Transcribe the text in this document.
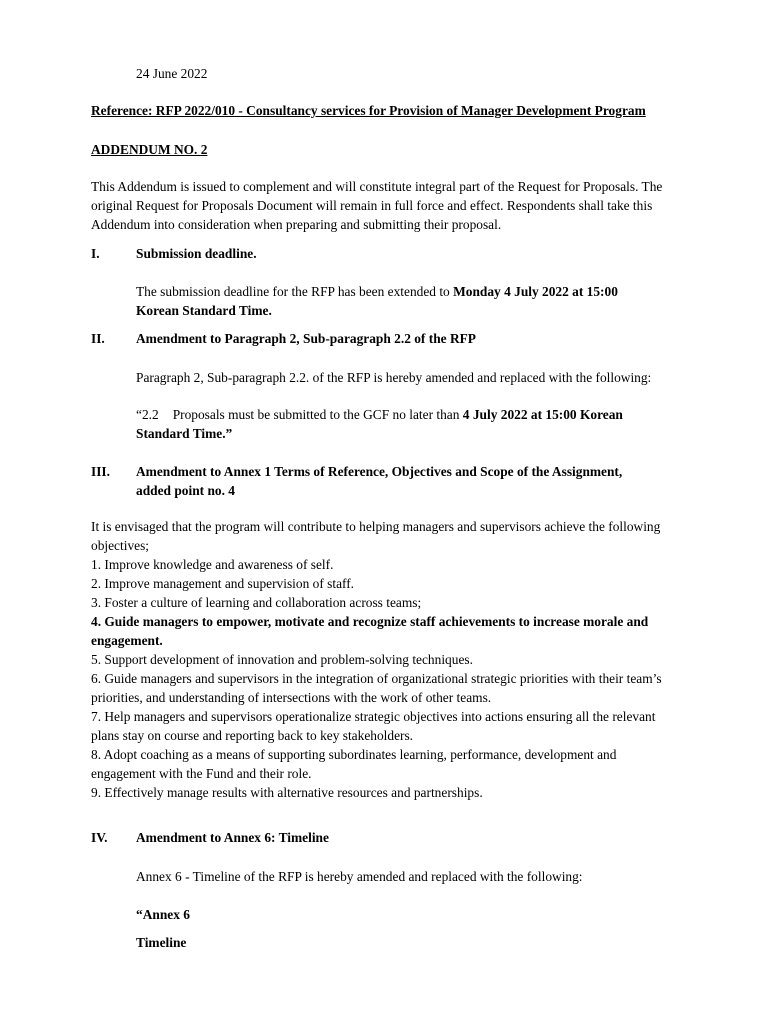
24 June 2022
Reference: RFP 2022/010 - Consultancy services for Provision of Manager Development Program
ADDENDUM NO. 2
This Addendum is issued to complement and will constitute integral part of the Request for Proposals. The original Request for Proposals Document will remain in full force and effect. Respondents shall take this Addendum into consideration when preparing and submitting their proposal.
I.	Submission deadline.
The submission deadline for the RFP has been extended to Monday 4 July 2022 at 15:00 Korean Standard Time.
II. Amendment to Paragraph 2, Sub-paragraph 2.2 of the RFP
Paragraph 2, Sub-paragraph 2.2. of the RFP is hereby amended and replaced with the following:
“2.2 Proposals must be submitted to the GCF no later than 4 July 2022 at 15:00 Korean Standard Time.”
III. Amendment to Annex 1 Terms of Reference, Objectives and Scope of the Assignment, added point no. 4
It is envisaged that the program will contribute to helping managers and supervisors achieve the following objectives;
1. Improve knowledge and awareness of self.
2. Improve management and supervision of staff.
3. Foster a culture of learning and collaboration across teams;
4. Guide managers to empower, motivate and recognize staff achievements to increase morale and engagement.
5. Support development of innovation and problem-solving techniques.
6. Guide managers and supervisors in the integration of organizational strategic priorities with their team’s priorities, and understanding of intersections with the work of other teams.
7. Help managers and supervisors operationalize strategic objectives into actions ensuring all the relevant plans stay on course and reporting back to key stakeholders.
8. Adopt coaching as a means of supporting subordinates learning, performance, development and engagement with the Fund and their role.
9. Effectively manage results with alternative resources and partnerships.
IV. Amendment to Annex 6: Timeline
Annex 6 - Timeline of the RFP is hereby amended and replaced with the following:
“Annex 6
Timeline
